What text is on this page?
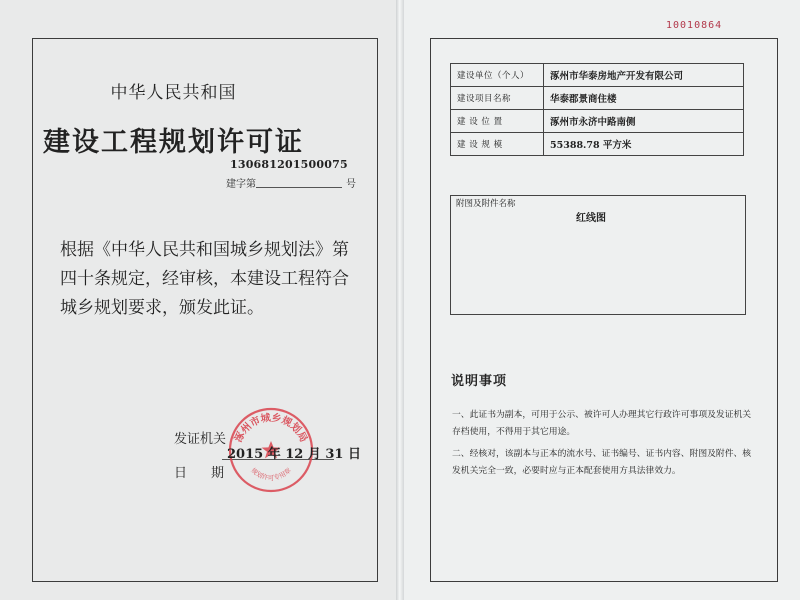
中华人民共和国
建设工程规划许可证
130681201500075
建字第	号
根据《中华人民共和国城乡规划法》第四十条规定，经审核，本建设工程符合城乡规划要求，颁发此证。
发证机关
日期
涿州市城乡规划局
规划许可专用章
2015 年 12 月 31 日
10010864
建设单位（个人）	涿州市华泰房地产开发有限公司
建设项目名称	华泰郡景商住楼
建 设 位 置	涿州市永济中路南侧
建 设 规 模	55388.78 平方米
附图及附件名称
红线图
说明事项
一、此证书为副本，可用于公示、被许可人办理其它行政许可事项及发证机关存档使用，不得用于其它用途。
二、经核对，该副本与正本的流水号、证书编号、证书内容、附图及附件、核发机关完全一致，必要时应与正本配套使用方具法律效力。
